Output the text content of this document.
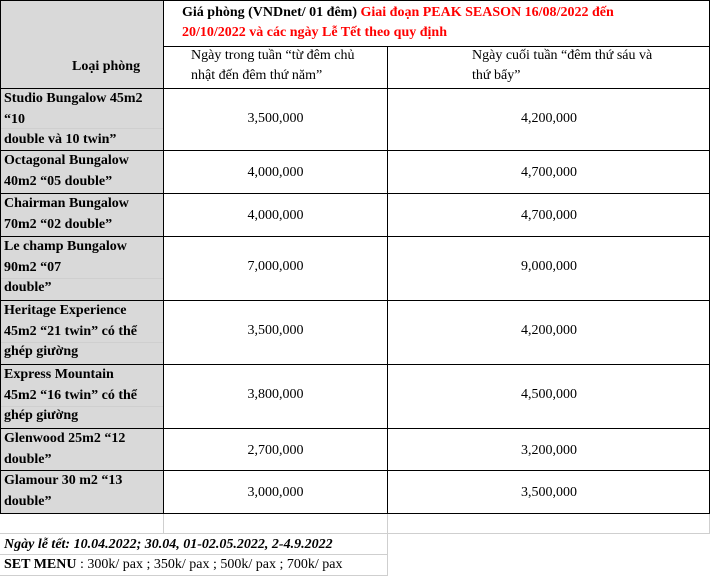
Giá phòng (VNDnet/ 01 đêm) Giai đoạn PEAK SEASON 16/08/2022 đến
20/10/2022 và các ngày Lễ Tết theo quy định
Loại phòng
Ngày trong tuần “từ đêm chủ
nhật đến đêm thứ năm”
Ngày cuối tuần “đêm thứ sáu và
thứ bẩy”
Studio Bungalow 45m2
“10
double và 10 twin”
3,500,000	4,200,000
Octagonal Bungalow
40m2 “05 double”
4,000,000	4,700,000
Chairman Bungalow
70m2 “02 double”
4,000,000	4,700,000
Le champ Bungalow
90m2 “07
double”
7,000,000	9,000,000
Heritage Experience
45m2 “21 twin” có thể
ghép giường
3,500,000	4,200,000
Express Mountain
45m2 “16 twin” có thể
ghép giường
3,800,000	4,500,000
Glenwood 25m2 “12
double”
2,700,000	3,200,000
Glamour 30 m2 “13
double”
3,000,000	3,500,000
Ngày lễ tết: 10.04.2022; 30.04, 01-02.05.2022, 2-4.9.2022
SET MENU : 300k/ pax ; 350k/ pax ; 500k/ pax ; 700k/ pax
